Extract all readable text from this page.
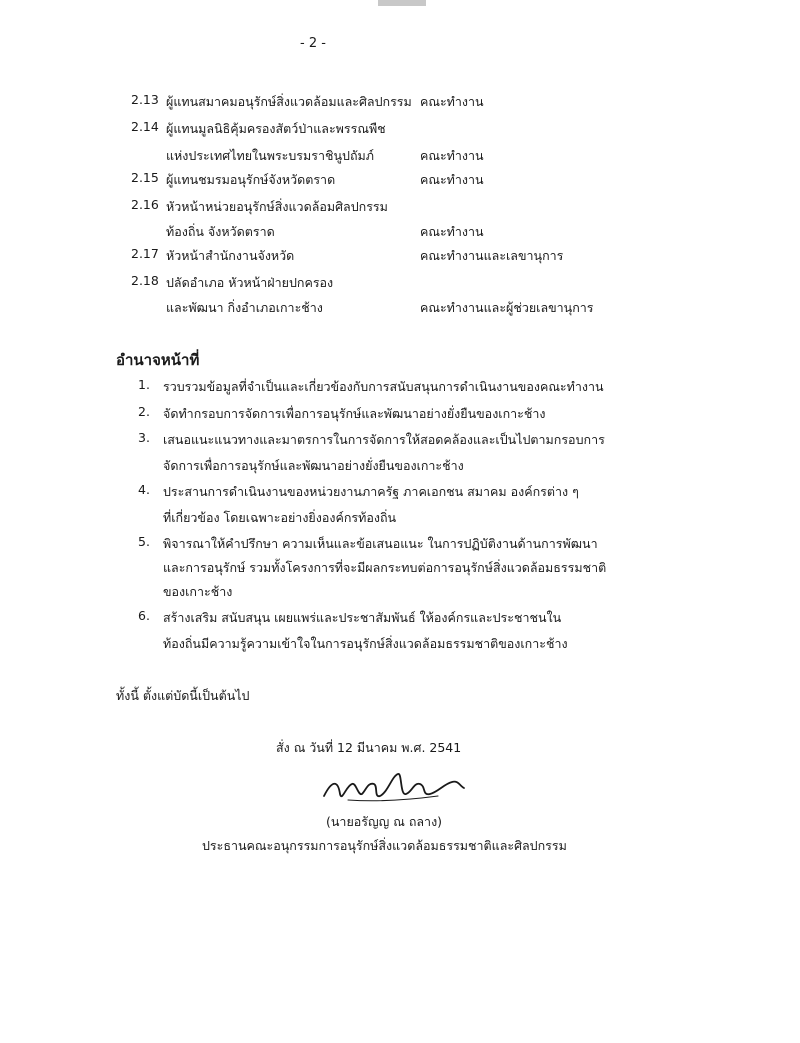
- 2 -
2.13 ผู้แทนสมาคมอนุรักษ์สิ่งแวดล้อมและศิลปกรรม คณะทำงาน
2.14 ผู้แทนมูลนิธิคุ้มครองสัตว์ป่าและพรรณพืช
แห่งประเทศไทยในพระบรมราชินูปถัมภ์	คณะทำงาน
2.15 ผู้แทนชมรมอนุรักษ์จังหวัดตราด	คณะทำงาน
2.16 หัวหน้าหน่วยอนุรักษ์สิ่งแวดล้อมศิลปกรรม
ท้องถิ่น จังหวัดตราด	คณะทำงาน
2.17 หัวหน้าสำนักงานจังหวัด	คณะทำงานและเลขานุการ
2.18 ปลัดอำเภอ หัวหน้าฝ่ายปกครอง
และพัฒนา กิ่งอำเภอเกาะช้าง	คณะทำงานและผู้ช่วยเลขานุการ
อำนาจหน้าที่
1. รวบรวมข้อมูลที่จำเป็นและเกี่ยวข้องกับการสนับสนุนการดำเนินงานของคณะทำงาน
2. จัดทำกรอบการจัดการเพื่อการอนุรักษ์และพัฒนาอย่างยั่งยืนของเกาะช้าง
3. เสนอแนะแนวทางและมาตรการในการจัดการให้สอดคล้องและเป็นไปตามกรอบการ
จัดการเพื่อการอนุรักษ์และพัฒนาอย่างยั่งยืนของเกาะช้าง
4. ประสานการดำเนินงานของหน่วยงานภาครัฐ ภาคเอกชน สมาคม องค์กรต่าง ๆ
ที่เกี่ยวข้อง โดยเฉพาะอย่างยิ่งองค์กรท้องถิ่น
5. พิจารณาให้คำปรึกษา ความเห็นและข้อเสนอแนะ ในการปฏิบัติงานด้านการพัฒนา
และการอนุรักษ์ รวมทั้งโครงการที่จะมีผลกระทบต่อการอนุรักษ์สิ่งแวดล้อมธรรมชาติ
ของเกาะช้าง
6. สร้างเสริม สนับสนุน เผยแพร่และประชาสัมพันธ์ ให้องค์กรและประชาชนใน
ท้องถิ่นมีความรู้ความเข้าใจในการอนุรักษ์สิ่งแวดล้อมธรรมชาติของเกาะช้าง
ทั้งนี้ ตั้งแต่บัดนี้เป็นต้นไป
สั่ง ณ วันที่ 12 มีนาคม พ.ศ. 2541
(นายอรัญญ ณ ถลาง)
ประธานคณะอนุกรรมการอนุรักษ์สิ่งแวดล้อมธรรมชาติและศิลปกรรม
